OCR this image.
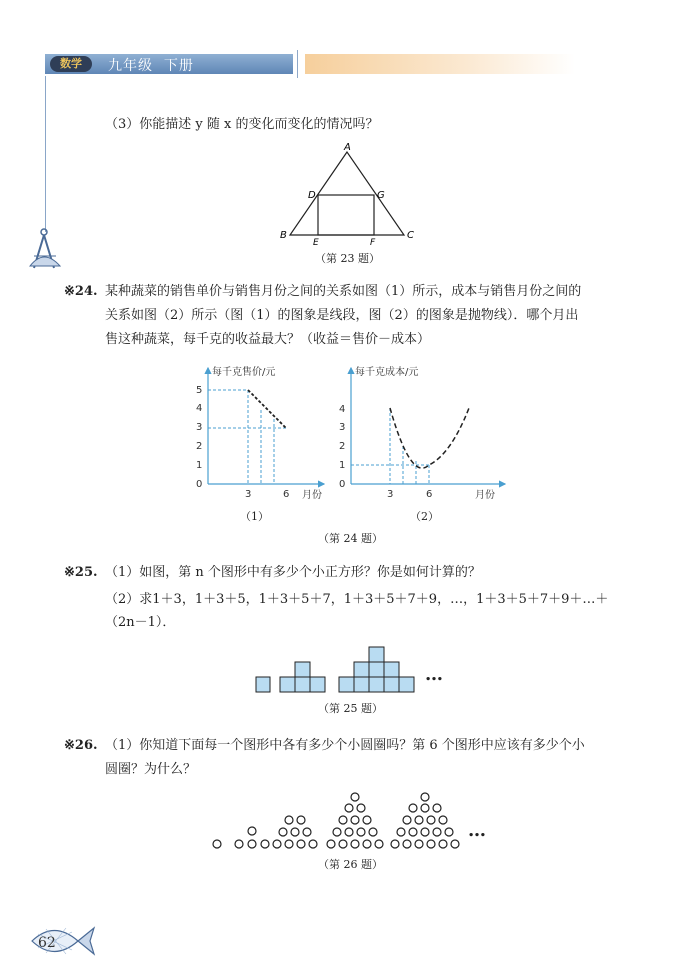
数学	九年级  下册
（3）你能描述 y 随 x 的变化而变化的情况吗？
A
B	C
D	G
E	F
（第 23 题）
※24. 某种蔬菜的销售单价与销售月份之间的关系如图（1）所示，成本与销售月份之间的
关系如图（2）所示（图（1）的图象是线段，图（2）的图象是抛物线）．哪个月出
售这种蔬菜，每千克的收益最大？（收益＝售价－成本）
0
1
2
3
4
5
3	6
每千克售价/元
月份
（1）
0
1
2
3
4
3	6
每千克成本/元
月份
（2）
（第 24 题）
※25. （1）如图，第 n 个图形中有多少个小正方形？你是如何计算的？
（2）求1＋3，1＋3＋5，1＋3＋5＋7，1＋3＋5＋7＋9，…，1＋3＋5＋7＋9＋…＋
（2n－1）．
…
（第 25 题）
※26. （1）你知道下面每一个图形中各有多少个小圆圈吗？第 6 个图形中应该有多少个小
圆圈？为什么？
…
（第 26 题）
62
